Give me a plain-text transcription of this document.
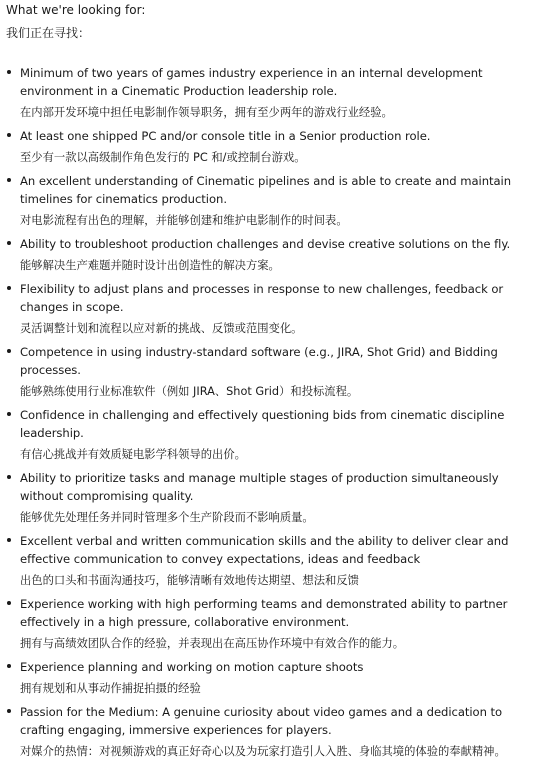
What we're looking for:

我们正在寻找：

Minimum of two years of games industry experience in an internal development environment in a Cinematic Production leadership role.
在内部开发环境中担任电影制作领导职务，拥有至少两年的游戏行业经验。
At least one shipped PC and/or console title in a Senior production role.
至少有一款以高级制作角色发行的 PC 和/或控制台游戏。
An excellent understanding of Cinematic pipelines and is able to create and maintain timelines for cinematics production.
对电影流程有出色的理解，并能够创建和维护电影制作的时间表。
Ability to troubleshoot production challenges and devise creative solutions on the fly.
能够解决生产难题并随时设计出创造性的解决方案。
Flexibility to adjust plans and processes in response to new challenges, feedback or changes in scope.
灵活调整计划和流程以应对新的挑战、反馈或范围变化。
Competence in using industry-standard software (e.g., JIRA, Shot Grid) and Bidding processes.
能够熟练使用行业标准软件（例如 JIRA、Shot Grid）和投标流程。
Confidence in challenging and effectively questioning bids from cinematic discipline leadership.
有信心挑战并有效质疑电影学科领导的出价。
Ability to prioritize tasks and manage multiple stages of production simultaneously without compromising quality.
能够优先处理任务并同时管理多个生产阶段而不影响质量。
Excellent verbal and written communication skills and the ability to deliver clear and effective communication to convey expectations, ideas and feedback
出色的口头和书面沟通技巧，能够清晰有效地传达期望、想法和反馈
Experience working with high performing teams and demonstrated ability to partner effectively in a high pressure, collaborative environment.
拥有与高绩效团队合作的经验，并表现出在高压协作环境中有效合作的能力。
Experience planning and working on motion capture shoots
拥有规划和从事动作捕捉拍摄的经验
Passion for the Medium: A genuine curiosity about video games and a dedication to crafting engaging, immersive experiences for players.
对媒介的热情：对视频游戏的真正好奇心以及为玩家打造引人入胜、身临其境的体验的奉献精神。
